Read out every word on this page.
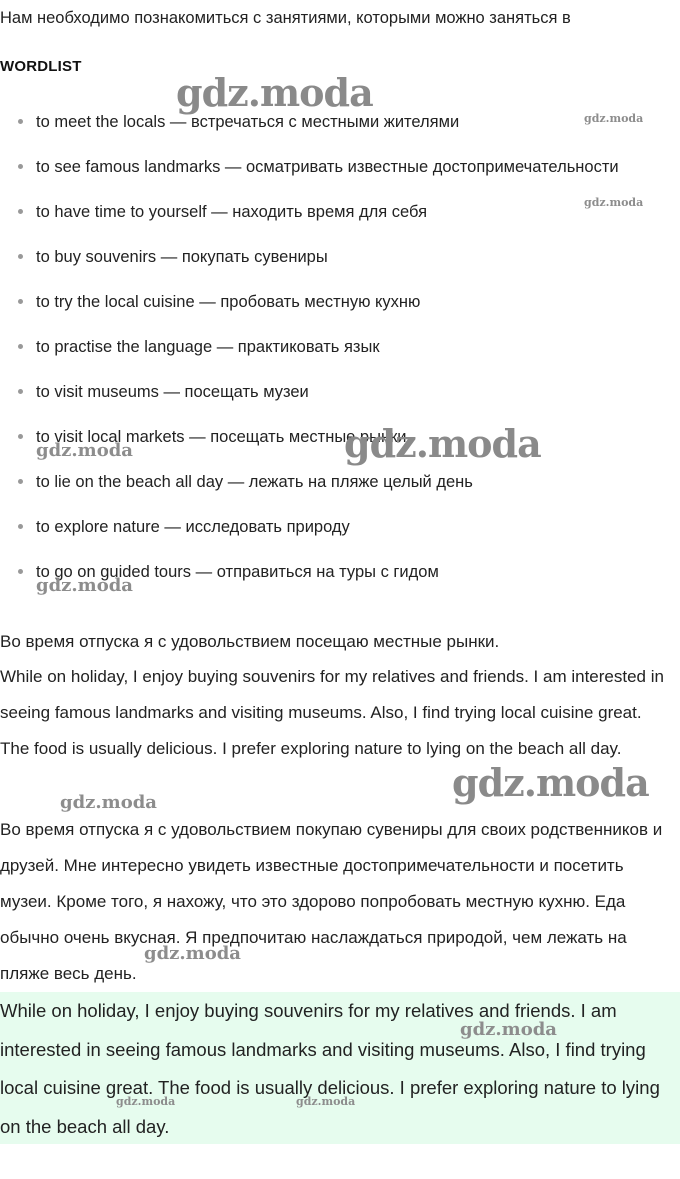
Нам необходимо познакомиться с занятиями, которыми можно заняться в
WORDLIST
to meet the locals — встречаться с местными жителями
to see famous landmarks — осматривать известные достопримечательности
to have time to yourself — находить время для себя
to buy souvenirs — покупать сувениры
to try the local cuisine — пробовать местную кухню
to practise the language — практиковать язык
to visit museums — посещать музеи
to visit local markets — посещать местные рынки
to lie on the beach all day — лежать на пляже целый день
to explore nature — исследовать природу
to go on guided tours — отправиться на туры с гидом

Во время отпуска я с удовольствием посещаю местные рынки.

While on holiday, I enjoy buying souvenirs for my relatives and friends. I am interested in seeing famous landmarks and visiting museums. Also, I find trying local cuisine great. The food is usually delicious. I prefer exploring nature to lying on the beach all day.

Во время отпуска я с удовольствием покупаю сувениры для своих родственников и друзей. Мне интересно увидеть известные достопримечательности и посетить музеи. Кроме того, я нахожу, что это здорово попробовать местную кухню. Еда обычно очень вкусная. Я предпочитаю наслаждаться природой, чем лежать на пляже весь день.

While on holiday, I enjoy buying souvenirs for my relatives and friends. I am interested in seeing famous landmarks and visiting museums. Also, I find trying local cuisine great. The food is usually delicious. I prefer exploring nature to lying on the beach all day.

gdz.moda
gdz.moda
gdz.moda
gdz.moda	gdz.moda
gdz.moda
gdz.moda
gdz.moda
gdz.moda
gdz.moda
gdz.moda	gdz.moda
